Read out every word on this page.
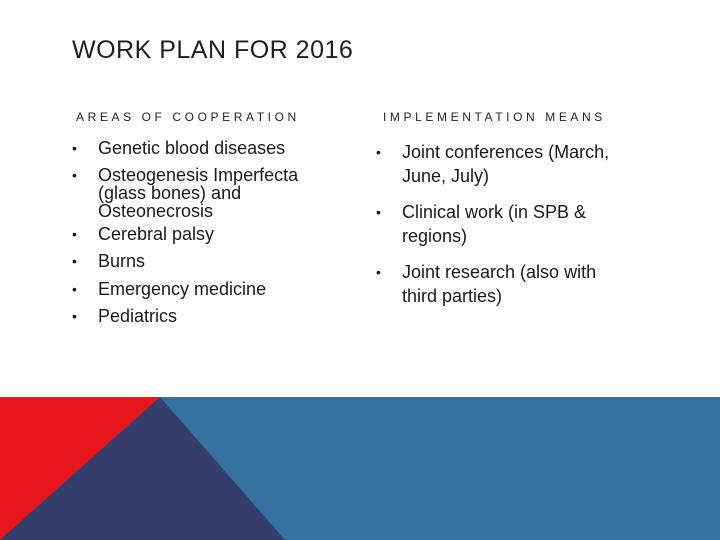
WORK PLAN FOR 2016
AREAS OF COOPERATION	IMPLEMENTATION MEANS
• Genetic blood diseases
• Osteogenesis Imperfecta (glass bones) and Osteonecrosis
• Cerebral palsy
• Burns
• Emergency medicine
• Pediatrics
• Joint conferences (March, June, July)
• Clinical work (in SPB & regions)
• Joint research (also with third parties)
